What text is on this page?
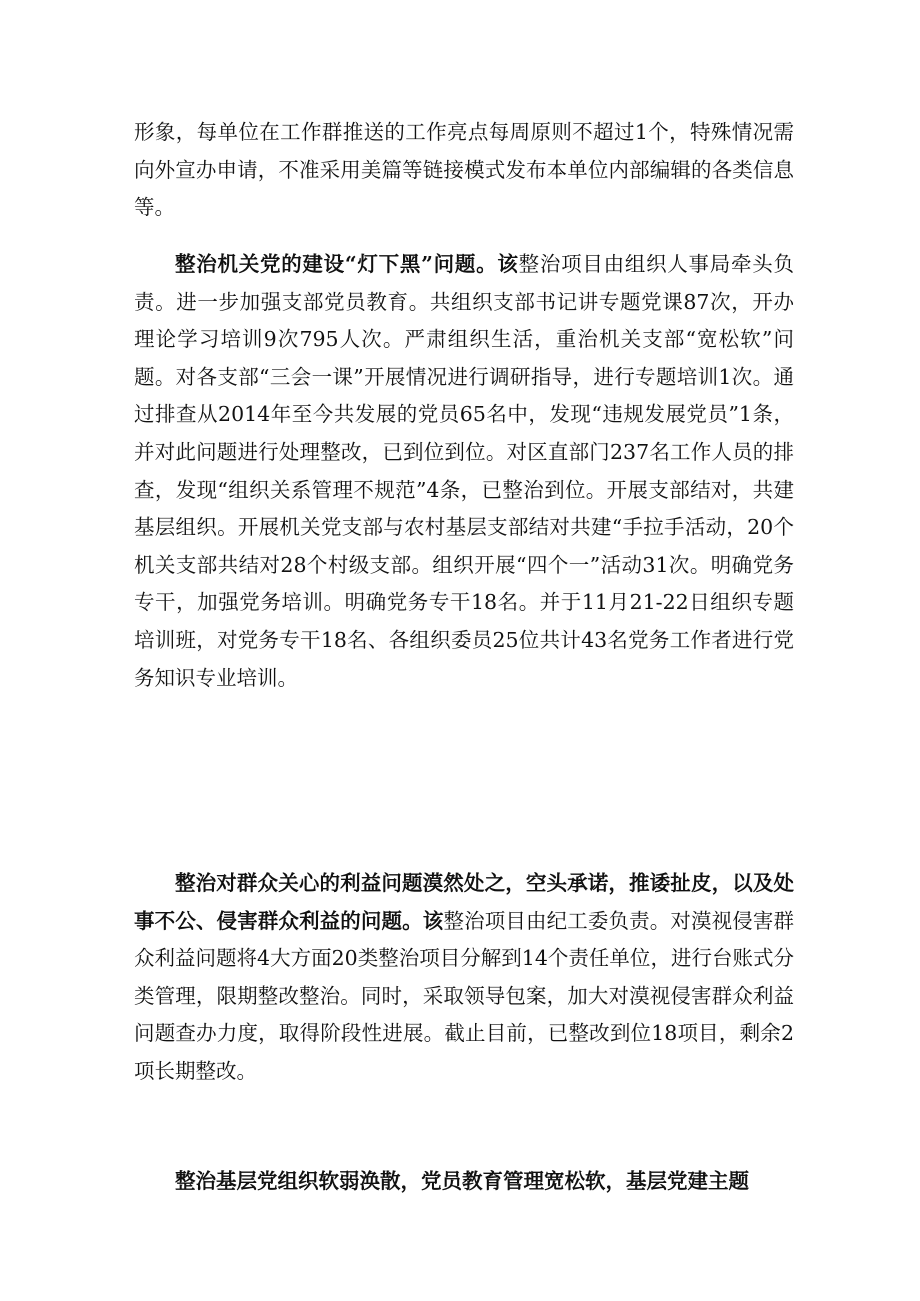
形象，每单位在工作群推送的工作亮点每周原则不超过1个，特殊情况需向外宣办申请，不准采用美篇等链接模式发布本单位内部编辑的各类信息等。

整治机关党的建设“灯下黑”问题。该整治项目由组织人事局牵头负责。进一步加强支部党员教育。共组织支部书记讲专题党课87次，开办理论学习培训9次795人次。严肃组织生活，重治机关支部“宽松软”问题。对各支部“三会一课”开展情况进行调研指导，进行专题培训1次。通过排查从2014年至今共发展的党员65名中，发现“违规发展党员”1条，并对此问题进行处理整改，已到位到位。对区直部门237名工作人员的排查，发现“组织关系管理不规范”4条，已整治到位。开展支部结对，共建基层组织。开展机关党支部与农村基层支部结对共建“手拉手活动，20个机关支部共结对28个村级支部。组织开展“四个一”活动31次。明确党务专干，加强党务培训。明确党务专干18名。并于11月21-22日组织专题培训班，对党务专干18名、各组织委员25位共计43名党务工作者进行党务知识专业培训。

整治对群众关心的利益问题漠然处之，空头承诺，推诿扯皮，以及处事不公、侵害群众利益的问题。该整治项目由纪工委负责。对漠视侵害群众利益问题将4大方面20类整治项目分解到14个责任单位，进行台账式分类管理，限期整改整治。同时，采取领导包案，加大对漠视侵害群众利益问题查办力度，取得阶段性进展。截止目前，已整改到位18项目，剩余2项长期整改。

整治基层党组织软弱涣散，党员教育管理宽松软，基层党建主题
